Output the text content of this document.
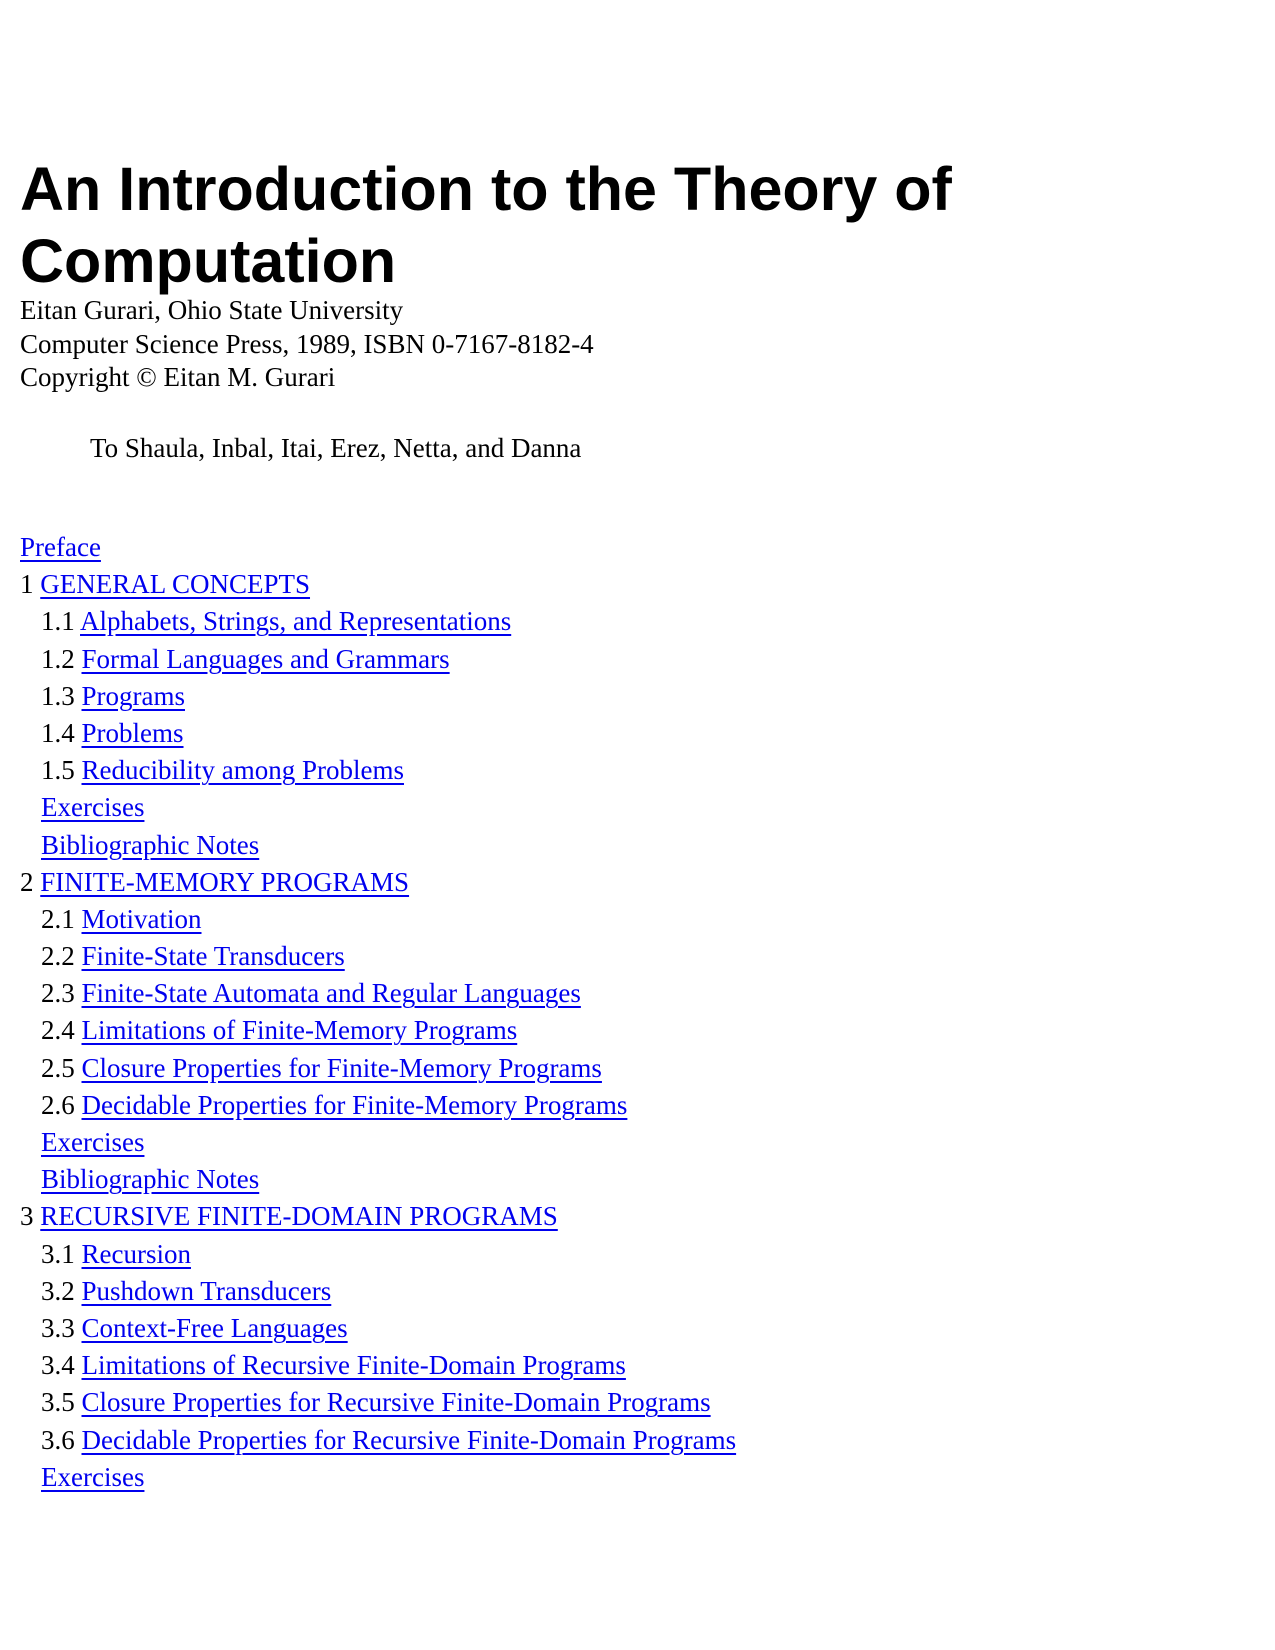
An Introduction to the Theory of Computation
Eitan Gurari, Ohio State University
Computer Science Press, 1989, ISBN 0-7167-8182-4
Copyright © Eitan M. Gurari
To Shaula, Inbal, Itai, Erez, Netta, and Danna
Preface
1 GENERAL CONCEPTS
1.1 Alphabets, Strings, and Representations
1.2 Formal Languages and Grammars
1.3 Programs
1.4 Problems
1.5 Reducibility among Problems
Exercises
Bibliographic Notes
2 FINITE-MEMORY PROGRAMS
2.1 Motivation
2.2 Finite-State Transducers
2.3 Finite-State Automata and Regular Languages
2.4 Limitations of Finite-Memory Programs
2.5 Closure Properties for Finite-Memory Programs
2.6 Decidable Properties for Finite-Memory Programs
Exercises
Bibliographic Notes
3 RECURSIVE FINITE-DOMAIN PROGRAMS
3.1 Recursion
3.2 Pushdown Transducers
3.3 Context-Free Languages
3.4 Limitations of Recursive Finite-Domain Programs
3.5 Closure Properties for Recursive Finite-Domain Programs
3.6 Decidable Properties for Recursive Finite-Domain Programs
Exercises
